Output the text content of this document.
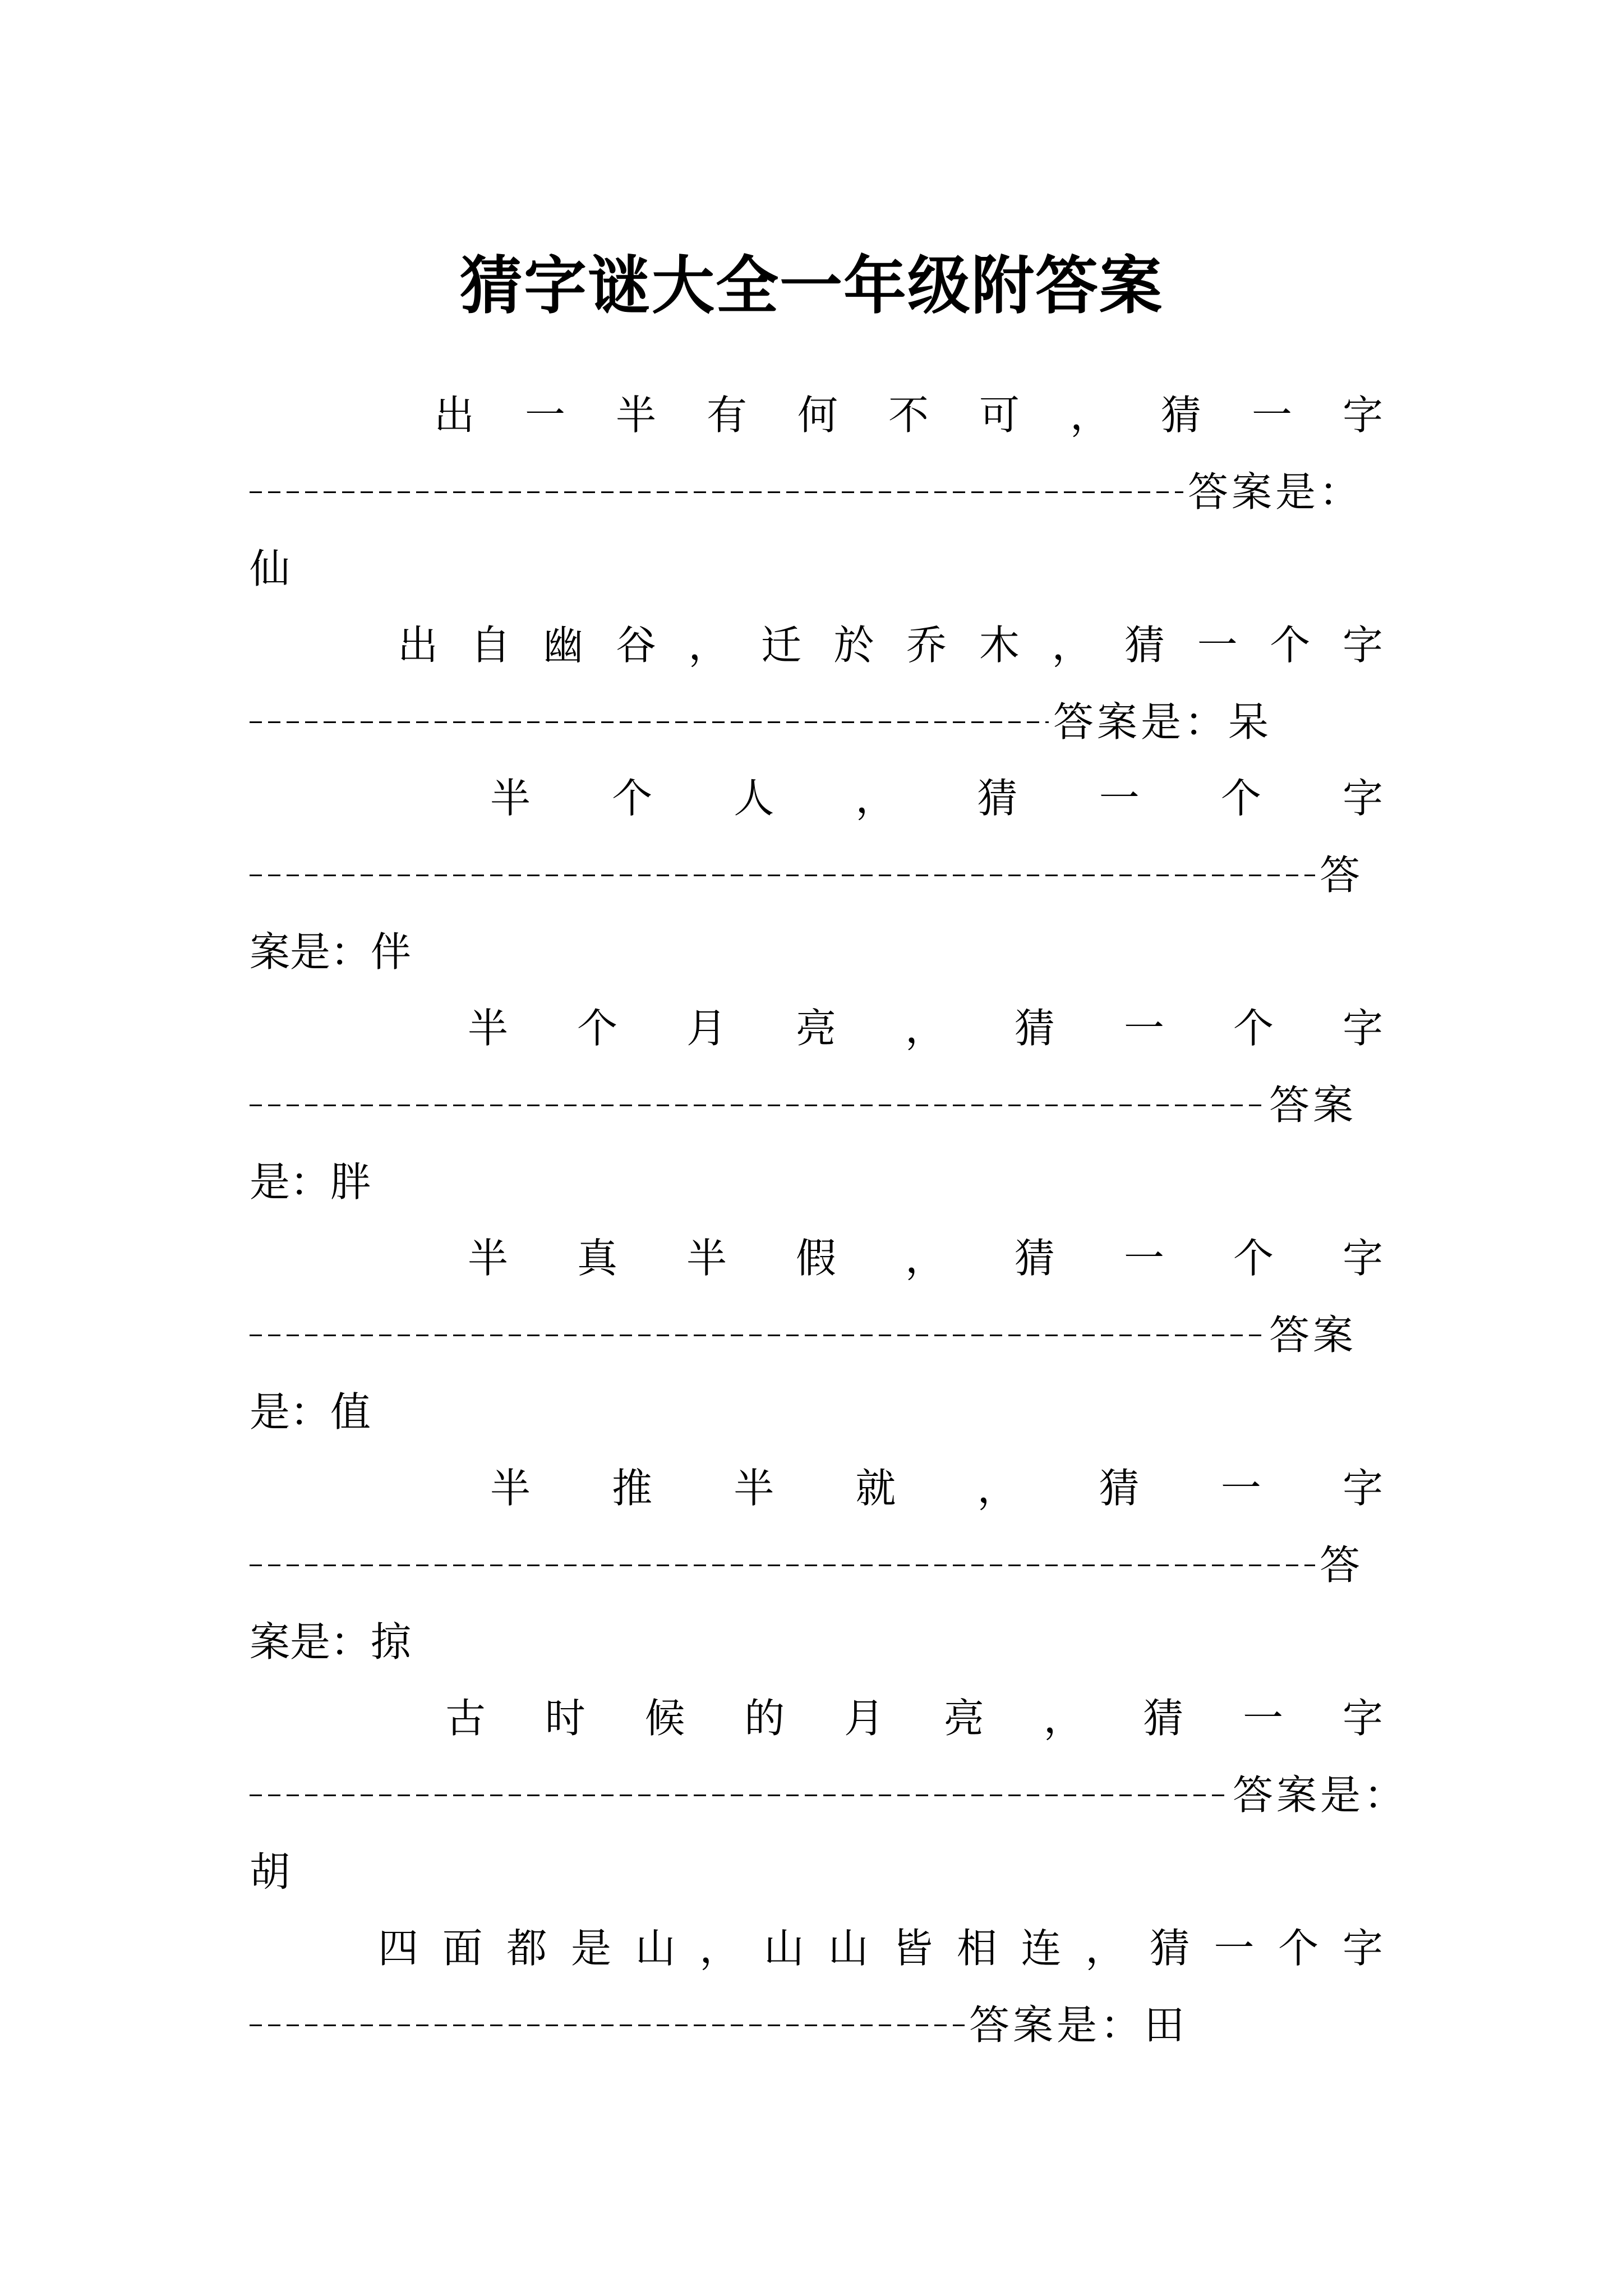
猜字谜大全一年级附答案
出 一 半 有 何 不 可 ， 猜 一 字
答案是：
仙
出 自 幽 谷 ， 迁 於 乔 木 ， 猜 一 个 字
答案是：呆
半 个 人 ， 猜 一 个 字
答
案是：伴
半 个 月 亮 ， 猜 一 个 字
答案
是：胖
半 真 半 假 ， 猜 一 个 字
答案
是：值
半 推 半 就 ， 猜 一 字
答
案是：掠
古 时 候 的 月 亮 ， 猜 一 字
答案是：
胡
四 面 都 是 山 ， 山 山 皆 相 连 ， 猜 一 个 字
答案是：田
